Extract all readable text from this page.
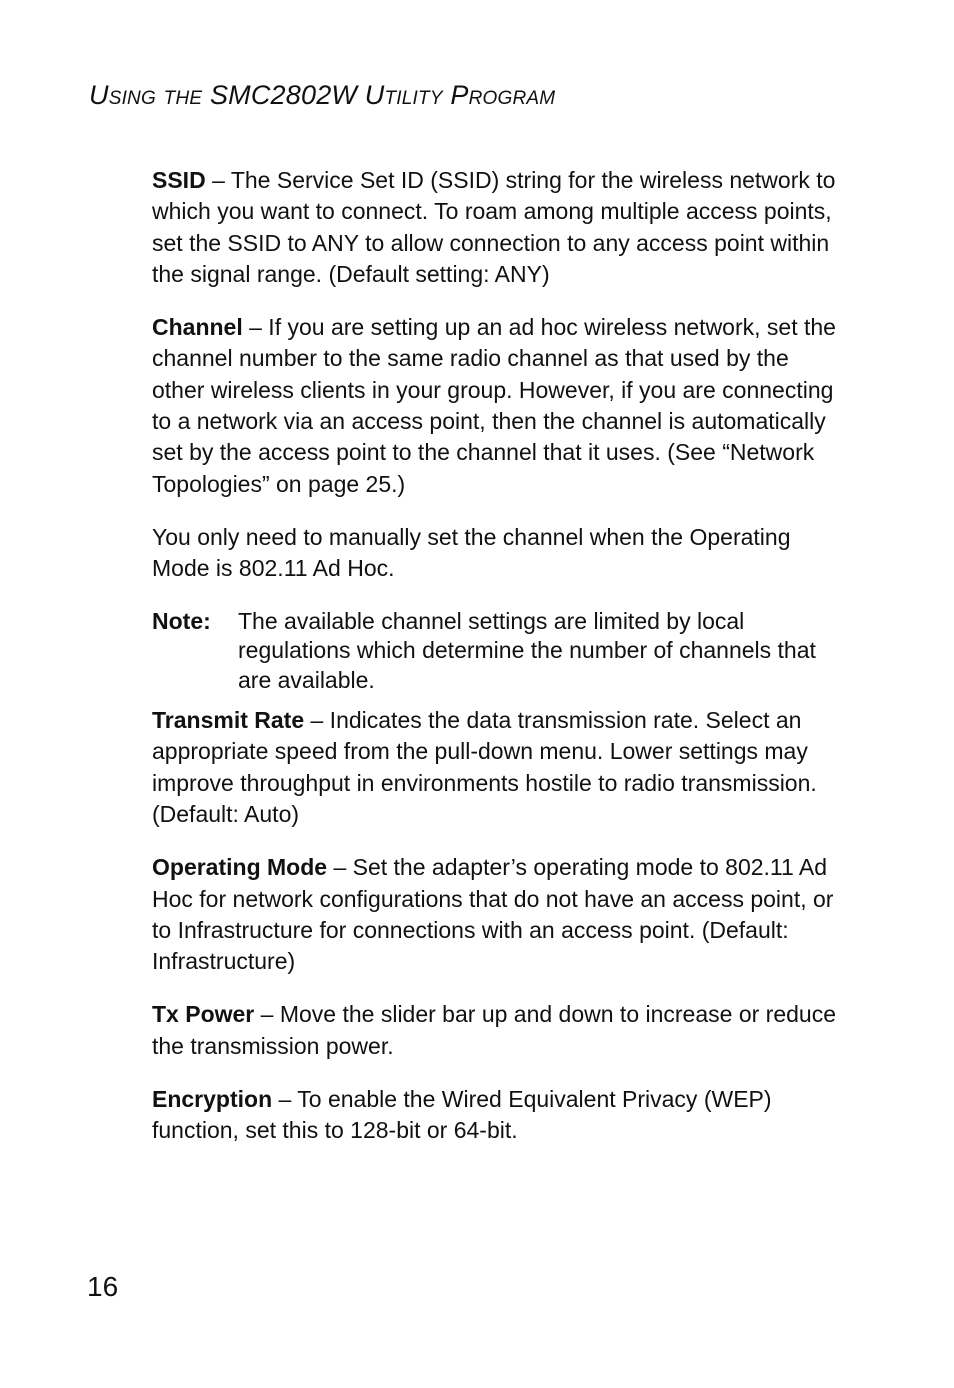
Using the SMC2802W Utility Program

SSID – The Service Set ID (SSID) string for the wireless network to which you want to connect. To roam among multiple access points, set the SSID to ANY to allow connection to any access point within the signal range. (Default setting: ANY)

Channel – If you are setting up an ad hoc wireless network, set the channel number to the same radio channel as that used by the other wireless clients in your group. However, if you are connecting to a network via an access point, then the channel is automatically set by the access point to the channel that it uses. (See “Network Topologies” on page 25.)

You only need to manually set the channel when the Operating Mode is 802.11 Ad Hoc.

Note:	The available channel settings are limited by local regulations which determine the number of channels that are available.

Transmit Rate – Indicates the data transmission rate. Select an appropriate speed from the pull-down menu. Lower settings may improve throughput in environments hostile to radio transmission. (Default: Auto)

Operating Mode – Set the adapter’s operating mode to 802.11 Ad Hoc for network configurations that do not have an access point, or to Infrastructure for connections with an access point. (Default: Infrastructure)

Tx Power – Move the slider bar up and down to increase or reduce the transmission power.

Encryption – To enable the Wired Equivalent Privacy (WEP) function, set this to 128-bit or 64-bit.

16
